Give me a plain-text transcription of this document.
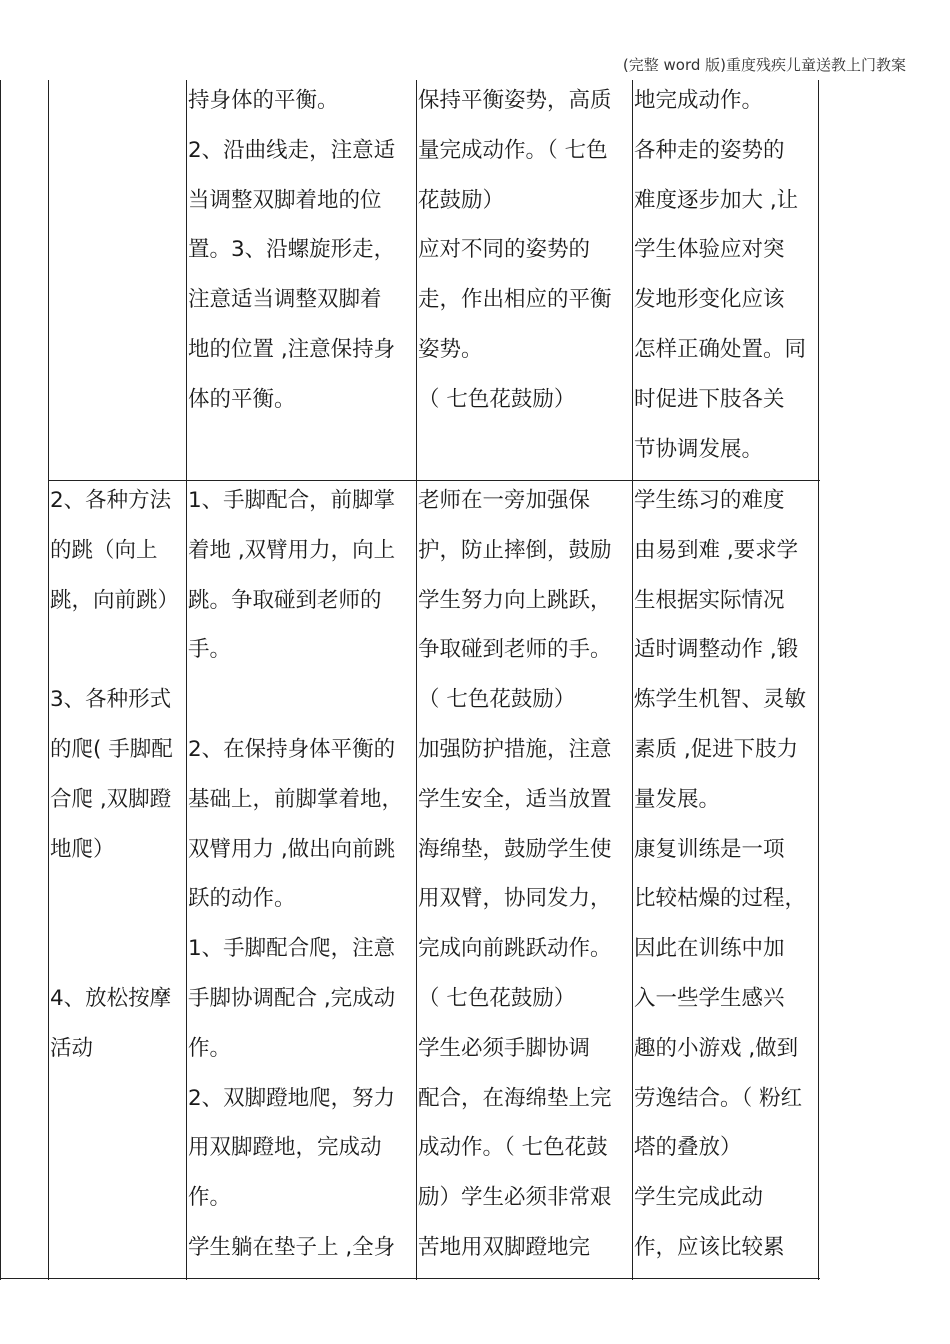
(完整 word 版)重度残疾儿童送教上门教案
持身体的平衡。
2、沿曲线走，注意适
当调整双脚着地的位
置。3、沿螺旋形走，
注意适当调整双脚着
地的位置 ,注意保持身
体的平衡。
保持平衡姿势，高质
量完成动作。（ 七色
花鼓励）
应对不同的姿势的
走，作出相应的平衡
姿势。
（ 七色花鼓励）
地完成动作。
各种走的姿势的
难度逐步加大 ,让
学生体验应对突
发地形变化应该
怎样正确处置。同
时促进下肢各关
节协调发展。
2、各种方法
的跳（向上
跳，向前跳）
3、各种形式
的爬( 手脚配
合爬 ,双脚蹬
地爬）
4、放松按摩
活动
1、手脚配合，前脚掌
着地 ,双臂用力，向上
跳。争取碰到老师的
手。
2、在保持身体平衡的
基础上，前脚掌着地，
双臂用力 ,做出向前跳
跃的动作。
1、手脚配合爬，注意
手脚协调配合 ,完成动
作。
2、双脚蹬地爬，努力
用双脚蹬地，完成动
作。
学生躺在垫子上 ,全身
老师在一旁加强保
护，防止摔倒，鼓励
学生努力向上跳跃，
争取碰到老师的手。
（ 七色花鼓励）
加强防护措施，注意
学生安全，适当放置
海绵垫，鼓励学生使
用双臂，协同发力，
完成向前跳跃动作。
（ 七色花鼓励）
学生必须手脚协调
配合，在海绵垫上完
成动作。（ 七色花鼓
励）学生必须非常艰
苦地用双脚蹬地完
学生练习的难度
由易到难 ,要求学
生根据实际情况
适时调整动作 ,锻
炼学生机智、灵敏
素质 ,促进下肢力
量发展。
康复训练是一项
比较枯燥的过程，
因此在训练中加
入一些学生感兴
趣的小游戏 ,做到
劳逸结合。（ 粉红
塔的叠放）
学生完成此动
作，应该比较累
